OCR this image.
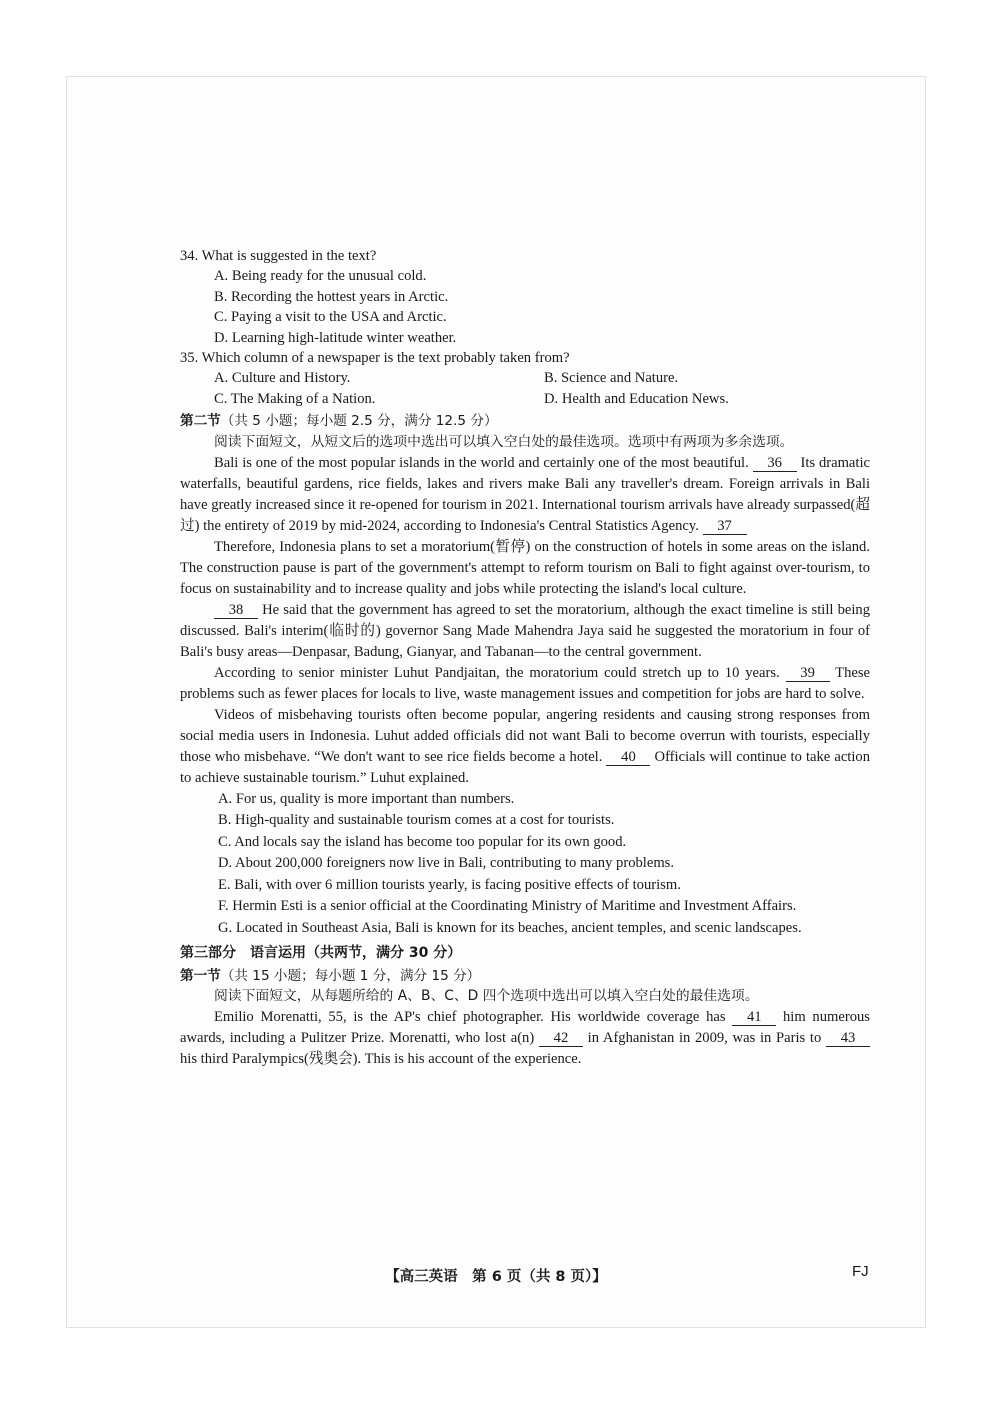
34. What is suggested in the text?

A. Being ready for the unusual cold.

B. Recording the hottest years in Arctic.

C. Paying a visit to the USA and Arctic.

D. Learning high-latitude winter weather.

35. Which column of a newspaper is the text probably taken from?

A. Culture and History.	B. Science and Nature.
C. The Making of a Nation.	D. Health and Education News.

第二节（共 5 小题；每小题 2.5 分，满分 12.5 分）

阅读下面短文，从短文后的选项中选出可以填入空白处的最佳选项。选项中有两项为多余选项。

Bali is one of the most popular islands in the world and certainly one of the most beautiful. 36 Its dramatic waterfalls, beautiful gardens, rice fields, lakes and rivers make Bali any traveller's dream. Foreign arrivals in Bali have greatly increased since it re-opened for tourism in 2021. International tourism arrivals have already surpassed(超过) the entirety of 2019 by mid-2024, according to Indonesia's Central Statistics Agency. 37

Therefore, Indonesia plans to set a moratorium(暂停) on the construction of hotels in some areas on the island. The construction pause is part of the government's attempt to reform tourism on Bali to fight against over-tourism, to focus on sustainability and to increase quality and jobs while protecting the island's local culture.

38 He said that the government has agreed to set the moratorium, although the exact timeline is still being discussed. Bali's interim(临时的) governor Sang Made Mahendra Jaya said he suggested the moratorium in four of Bali's busy areas—Denpasar, Badung, Gianyar, and Tabanan—to the central government.

According to senior minister Luhut Pandjaitan, the moratorium could stretch up to 10 years. 39 These problems such as fewer places for locals to live, waste management issues and competition for jobs are hard to solve.

Videos of misbehaving tourists often become popular, angering residents and causing strong responses from social media users in Indonesia. Luhut added officials did not want Bali to become overrun with tourists, especially those who misbehave. “We don't want to see rice fields become a hotel. 40 Officials will continue to take action to achieve sustainable tourism.” Luhut explained.

A. For us, quality is more important than numbers.

B. High-quality and sustainable tourism comes at a cost for tourists.

C. And locals say the island has become too popular for its own good.

D. About 200,000 foreigners now live in Bali, contributing to many problems.

E. Bali, with over 6 million tourists yearly, is facing positive effects of tourism.

F. Hermin Esti is a senior official at the Coordinating Ministry of Maritime and Investment Affairs.

G. Located in Southeast Asia, Bali is known for its beaches, ancient temples, and scenic landscapes.

第三部分　语言运用（共两节，满分 30 分）

第一节（共 15 小题；每小题 1 分，满分 15 分）

阅读下面短文，从每题所给的 A、B、C、D 四个选项中选出可以填入空白处的最佳选项。

Emilio Morenatti, 55, is the AP's chief photographer. His worldwide coverage has 41 him numerous awards, including a Pulitzer Prize. Morenatti, who lost a(n) 42 in Afghanistan in 2009, was in Paris to 43 his third Paralympics(残奥会). This is his account of the experience.

【高三英语　第 6 页（共 8 页）】	FJ
